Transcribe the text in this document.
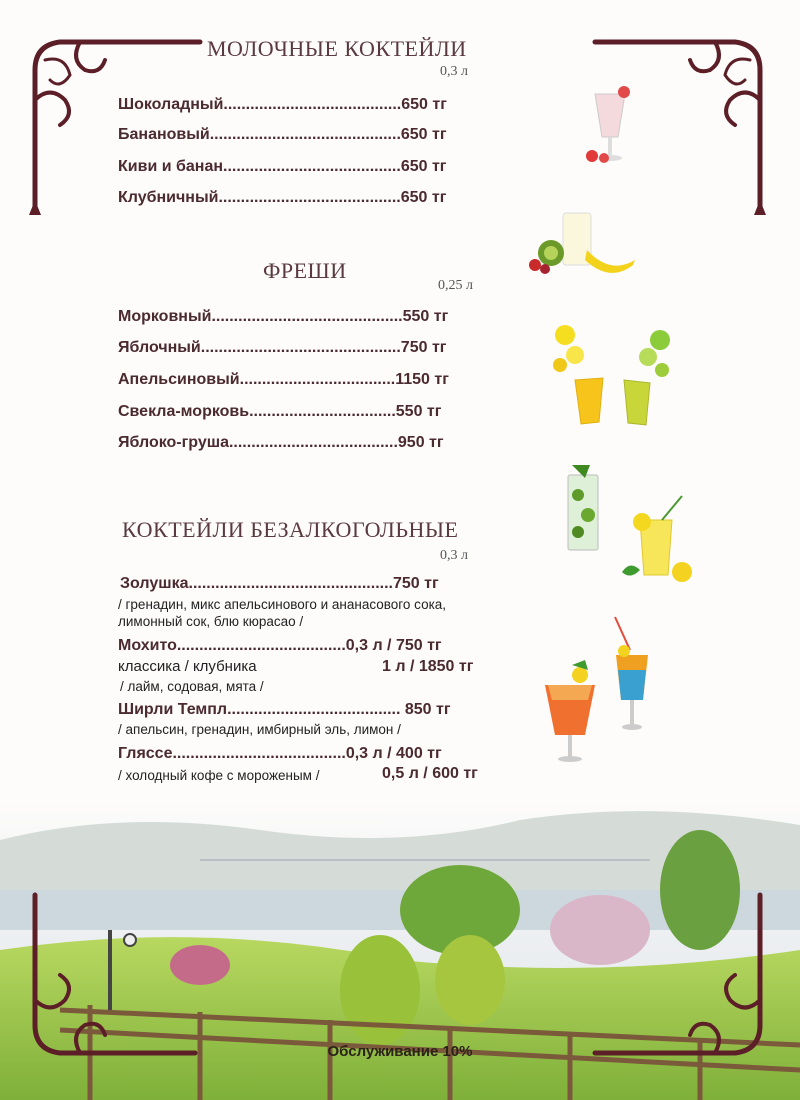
МОЛОЧНЫЕ КОКТЕЙЛИ
0,3 л
Шоколадный........................................650 тг
Банановый...........................................650 тг
Киви и банан........................................650 тг
Клубничный.........................................650 тг
ФРЕШИ
0,25 л
Морковный...........................................550 тг
Яблочный.............................................750 тг
Апельсиновый...................................1150 тг
Свекла-морковь.................................550 тг
Яблоко-груша......................................950 тг
КОКТЕЙЛИ БЕЗАЛКОГОЛЬНЫЕ
0,3 л
Золушка..............................................750 тг
/ гренадин, микс апельсинового и ананасового сока,
лимонный сок, блю кюрасао /
Мохито......................................0,3 л / 750 тг
классика / клубника	1 л / 1850 тг
/ лайм, содовая, мята /
Ширли Темпл....................................... 850 тг
/ апельсин, гренадин, имбирный эль, лимон /
Гляссе.......................................0,3 л / 400 тг
/ холодный кофе с мороженым /	0,5 л / 600 тг
Обслуживание 10%
